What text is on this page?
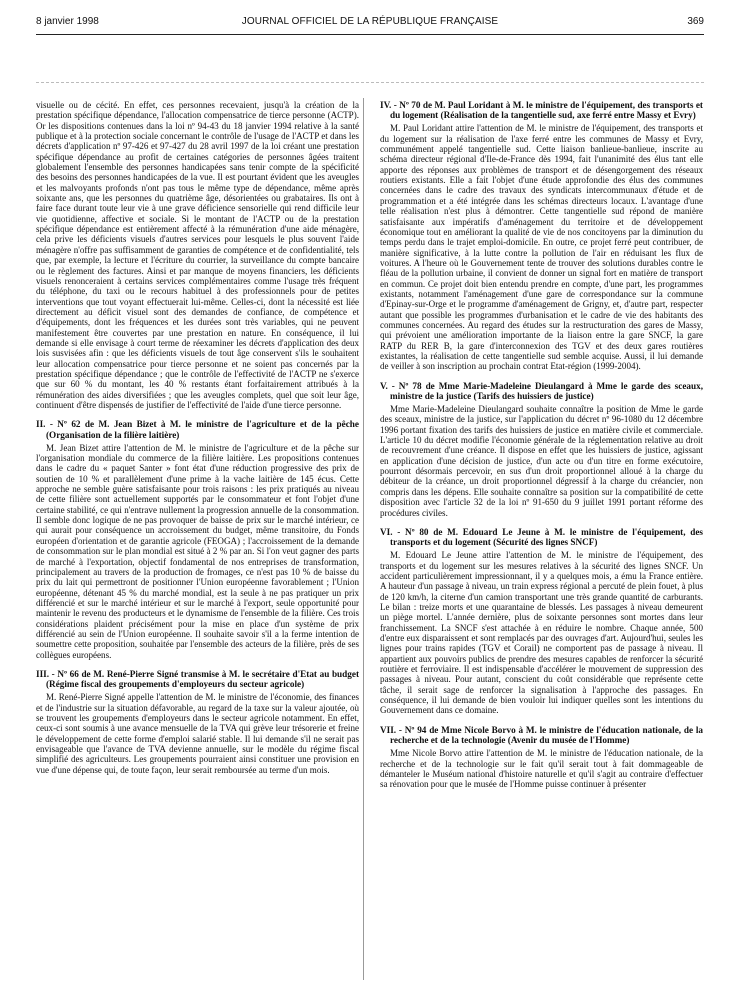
8 janvier 1998	JOURNAL OFFICIEL DE LA RÉPUBLIQUE FRANÇAISE	369

visuelle ou de cécité. En effet, ces personnes recevaient, jusqu'à la création de la prestation spécifique dépendance, l'allocation compensatrice de tierce personne (ACTP). Or les dispositions contenues dans la loi nº 94-43 du 18 janvier 1994 relative à la santé publique et à la protection sociale concernant le contrôle de l'usage de l'ACTP et dans les décrets d'application nº 97-426 et 97-427 du 28 avril 1997 de la loi créant une prestation spécifique dépendance au profit de certaines catégories de personnes âgées traitent globalement l'ensemble des personnes handicapées sans tenir compte de la spécificité des besoins des personnes handicapées de la vue. Il est pourtant évident que les aveugles et les malvoyants profonds n'ont pas tous le même type de dépendance, même après soixante ans, que les personnes du quatrième âge, désorientées ou grabataires. Ils ont à faire face durant toute leur vie à une grave déficience sensorielle qui rend difficile leur vie quotidienne, affective et sociale. Si le montant de l'ACTP ou de la prestation spécifique dépendance est entièrement affecté à la rémunération d'une aide ménagère, cela prive les déficients visuels d'autres services pour lesquels le plus souvent l'aide ménagère n'offre pas suffisamment de garanties de compétence et de confidentialité, tels que, par exemple, la lecture et l'écriture du courrier, la surveillance du compte bancaire ou le règlement des factures. Ainsi et par manque de moyens financiers, les déficients visuels renonceraient à certains services complémentaires comme l'usage très fréquent du téléphone, du taxi ou le recours habituel à des professionnels pour de petites interventions que tout voyant effectuerait lui-même. Celles-ci, dont la nécessité est liée directement au déficit visuel sont des demandes de confiance, de compétence et d'équipements, dont les fréquences et les durées sont très variables, qui ne peuvent manifestement être couvertes par une prestation en nature. En conséquence, il lui demande si elle envisage à court terme de réexaminer les décrets d'application des deux lois susvisées afin : que les déficients visuels de tout âge conservent s'ils le souhaitent leur allocation compensatrice pour tierce personne et ne soient pas concernés par la prestation spécifique dépendance ; que le contrôle de l'effectivité de l'ACTP ne s'exerce que sur 60 % du montant, les 40 % restants étant forfaitairement attribués à la rémunération des aides diversifiées ; que les aveugles complets, quel que soit leur âge, continuent d'être dispensés de justifier de l'effectivité de l'aide d'une tierce personne.

II. - Nº 62 de M. Jean Bizet à M. le ministre de l'agriculture et de la pêche (Organisation de la filière laitière)

M. Jean Bizet attire l'attention de M. le ministre de l'agriculture et de la pêche sur l'organisation mondiale du commerce de la filière laitière. Les propositions contenues dans le cadre du « paquet Santer » font état d'une réduction progressive des prix de soutien de 10 % et parallèlement d'une prime à la vache laitière de 145 écus. Cette approche ne semble guère satisfaisante pour trois raisons : les prix pratiqués au niveau de cette filière sont actuellement supportés par le consommateur et font l'objet d'une certaine stabilité, ce qui n'entrave nullement la progression annuelle de la consommation. Il semble donc logique de ne pas provoquer de baisse de prix sur le marché intérieur, ce qui aurait pour conséquence un accroissement du budget, même transitoire, du Fonds européen d'orientation et de garantie agricole (FEOGA) ; l'accroissement de la demande de consommation sur le plan mondial est situé à 2 % par an. Si l'on veut gagner des parts de marché à l'exportation, objectif fondamental de nos entreprises de transformation, principalement au travers de la production de fromages, ce n'est pas 10 % de baisse du prix du lait qui permettront de positionner l'Union européenne favorablement ; l'Union européenne, détenant 45 % du marché mondial, est la seule à ne pas pratiquer un prix différencié et sur le marché intérieur et sur le marché à l'export, seule opportunité pour maintenir le revenu des producteurs et le dynamisme de l'ensemble de la filière. Ces trois considérations plaident précisément pour la mise en place d'un système de prix différencié au sein de l'Union européenne. Il souhaite savoir s'il a la ferme intention de soumettre cette proposition, souhaitée par l'ensemble des acteurs de la filière, près de ses collègues européens.

III. - Nº 66 de M. René-Pierre Signé transmise à M. le secrétaire d'Etat au budget (Régime fiscal des groupements d'employeurs du secteur agricole)

M. René-Pierre Signé appelle l'attention de M. le ministre de l'économie, des finances et de l'industrie sur la situation défavorable, au regard de la taxe sur la valeur ajoutée, où se trouvent les groupements d'employeurs dans le secteur agricole notamment. En effet, ceux-ci sont soumis à une avance mensuelle de la TVA qui grève leur trésorerie et freine le développement de cette forme d'emploi salarié stable. Il lui demande s'il ne serait pas envisageable que l'avance de TVA devienne annuelle, sur le modèle du régime fiscal simplifié des agriculteurs. Les groupements pourraient ainsi constituer une provision en vue d'une dépense qui, de toute façon, leur serait remboursée au terme d'un mois.

IV. - Nº 70 de M. Paul Loridant à M. le ministre de l'équipement, des transports et du logement (Réalisation de la tangentielle sud, axe ferré entre Massy et Evry)

M. Paul Loridant attire l'attention de M. le ministre de l'équipement, des transports et du logement sur la réalisation de l'axe ferré entre les communes de Massy et Evry, communément appelé tangentielle sud. Cette liaison banlieue-banlieue, inscrite au schéma directeur régional d'Ile-de-France dès 1994, fait l'unanimité des élus tant elle apporte des réponses aux problèmes de transport et de désengorgement des réseaux routiers existants. Elle a fait l'objet d'une étude approfondie des élus des communes concernées dans le cadre des travaux des syndicats intercommunaux d'étude et de programmation et a été intégrée dans les schémas directeurs locaux. L'avantage d'une telle réalisation n'est plus à démontrer. Cette tangentielle sud répond de manière satisfaisante aux impératifs d'aménagement du territoire et de développement économique tout en améliorant la qualité de vie de nos concitoyens par la diminution du temps perdu dans le trajet emploi-domicile. En outre, ce projet ferré peut contribuer, de manière significative, à la lutte contre la pollution de l'air en réduisant les flux de voitures. A l'heure où le Gouvernement tente de trouver des solutions durables contre le fléau de la pollution urbaine, il convient de donner un signal fort en matière de transport en commun. Ce projet doit bien entendu prendre en compte, d'une part, les programmes existants, notamment l'aménagement d'une gare de correspondance sur la commune d'Epinay-sur-Orge et le programme d'aménagement de Grigny, et, d'autre part, respecter autant que possible les programmes d'urbanisation et le cadre de vie des habitants des communes concernées. Au regard des études sur la restructuration des gares de Massy, qui prévoient une amélioration importante de la liaison entre la gare SNCF, la gare RATP du RER B, la gare d'interconnexion des TGV et des deux gares routières existantes, la réalisation de cette tangentielle sud semble acquise. Aussi, il lui demande de veiller à son inscription au prochain contrat Etat-région (1999-2004).

V. - Nº 78 de Mme Marie-Madeleine Dieulangard à Mme le garde des sceaux, ministre de la justice (Tarifs des huissiers de justice)

Mme Marie-Madeleine Dieulangard souhaite connaître la position de Mme le garde des sceaux, ministre de la justice, sur l'application du décret nº 96-1080 du 12 décembre 1996 portant fixation des tarifs des huissiers de justice en matière civile et commerciale. L'article 10 du décret modifie l'économie générale de la réglementation relative au droit de recouvrement d'une créance. Il dispose en effet que les huissiers de justice, agissant en application d'une décision de justice, d'un acte ou d'un titre en forme exécutoire, pourront désormais percevoir, en sus d'un droit proportionnel alloué à la charge du débiteur de la créance, un droit proportionnel dégressif à la charge du créancier, non compris dans les dépens. Elle souhaite connaître sa position sur la compatibilité de cette disposition avec l'article 32 de la loi nº 91-650 du 9 juillet 1991 portant réforme des procédures civiles.

VI. - Nº 80 de M. Edouard Le Jeune à M. le ministre de l'équipement, des transports et du logement (Sécurité des lignes SNCF)

M. Edouard Le Jeune attire l'attention de M. le ministre de l'équipement, des transports et du logement sur les mesures relatives à la sécurité des lignes SNCF. Un accident particulièrement impressionnant, il y a quelques mois, a ému la France entière. A hauteur d'un passage à niveau, un train express régional a percuté de plein fouet, à plus de 120 km/h, la citerne d'un camion transportant une très grande quantité de carburants. Le bilan : treize morts et une quarantaine de blessés. Les passages à niveau demeurent un piège mortel. L'année dernière, plus de soixante personnes sont mortes dans leur franchissement. La SNCF s'est attachée à en réduire le nombre. Chaque année, 500 d'entre eux disparaissent et sont remplacés par des ouvrages d'art. Aujourd'hui, seules les lignes pour trains rapides (TGV et Corail) ne comportent pas de passage à niveau. Il appartient aux pouvoirs publics de prendre des mesures capables de renforcer la sécurité routière et ferroviaire. Il est indispensable d'accélérer le mouvement de suppression des passages à niveau. Pour autant, conscient du coût considérable que représente cette tâche, il serait sage de renforcer la signalisation à l'approche des passages. En conséquence, il lui demande de bien vouloir lui indiquer quelles sont les intentions du Gouvernement dans ce domaine.

VII. - Nº 94 de Mme Nicole Borvo à M. le ministre de l'éducation nationale, de la recherche et de la technologie (Avenir du musée de l'Homme)

Mme Nicole Borvo attire l'attention de M. le ministre de l'éducation nationale, de la recherche et de la technologie sur le fait qu'il serait tout à fait dommageable de démanteler le Muséum national d'histoire naturelle et qu'il s'agit au contraire d'effectuer sa rénovation pour que le musée de l'Homme puisse continuer à présenter
